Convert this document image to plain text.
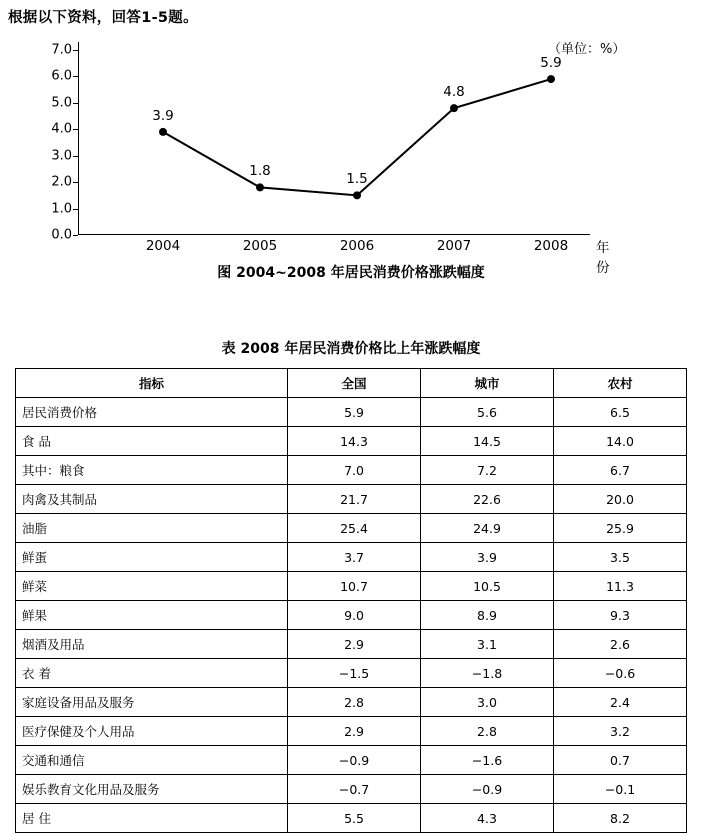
根据以下资料，回答1-5题。
（单位：%）
0.0
1.0
2.0
3.0
4.0
5.0
6.0
7.0
2004	2005	2006	2007	2008
3.9
1.8	1.5
4.8
5.9
年份
图 2004~2008 年居民消费价格涨跌幅度
表 2008 年居民消费价格比上年涨跌幅度
指标	全国	城市	农村
居民消费价格	5.9	5.6	6.5
食 品	14.3	14.5	14.0
其中：粮食	7.0	7.2	6.7
肉禽及其制品	21.7	22.6	20.0
油脂	25.4	24.9	25.9
鲜蛋	3.7	3.9	3.5
鲜菜	10.7	10.5	11.3
鲜果	9.0	8.9	9.3
烟酒及用品	2.9	3.1	2.6
衣 着	−1.5	−1.8	−0.6
家庭设备用品及服务	2.8	3.0	2.4
医疗保健及个人用品	2.9	2.8	3.2
交通和通信	−0.9	−1.6	0.7
娱乐教育文化用品及服务	−0.7	−0.9	−0.1
居 住	5.5	4.3	8.2
